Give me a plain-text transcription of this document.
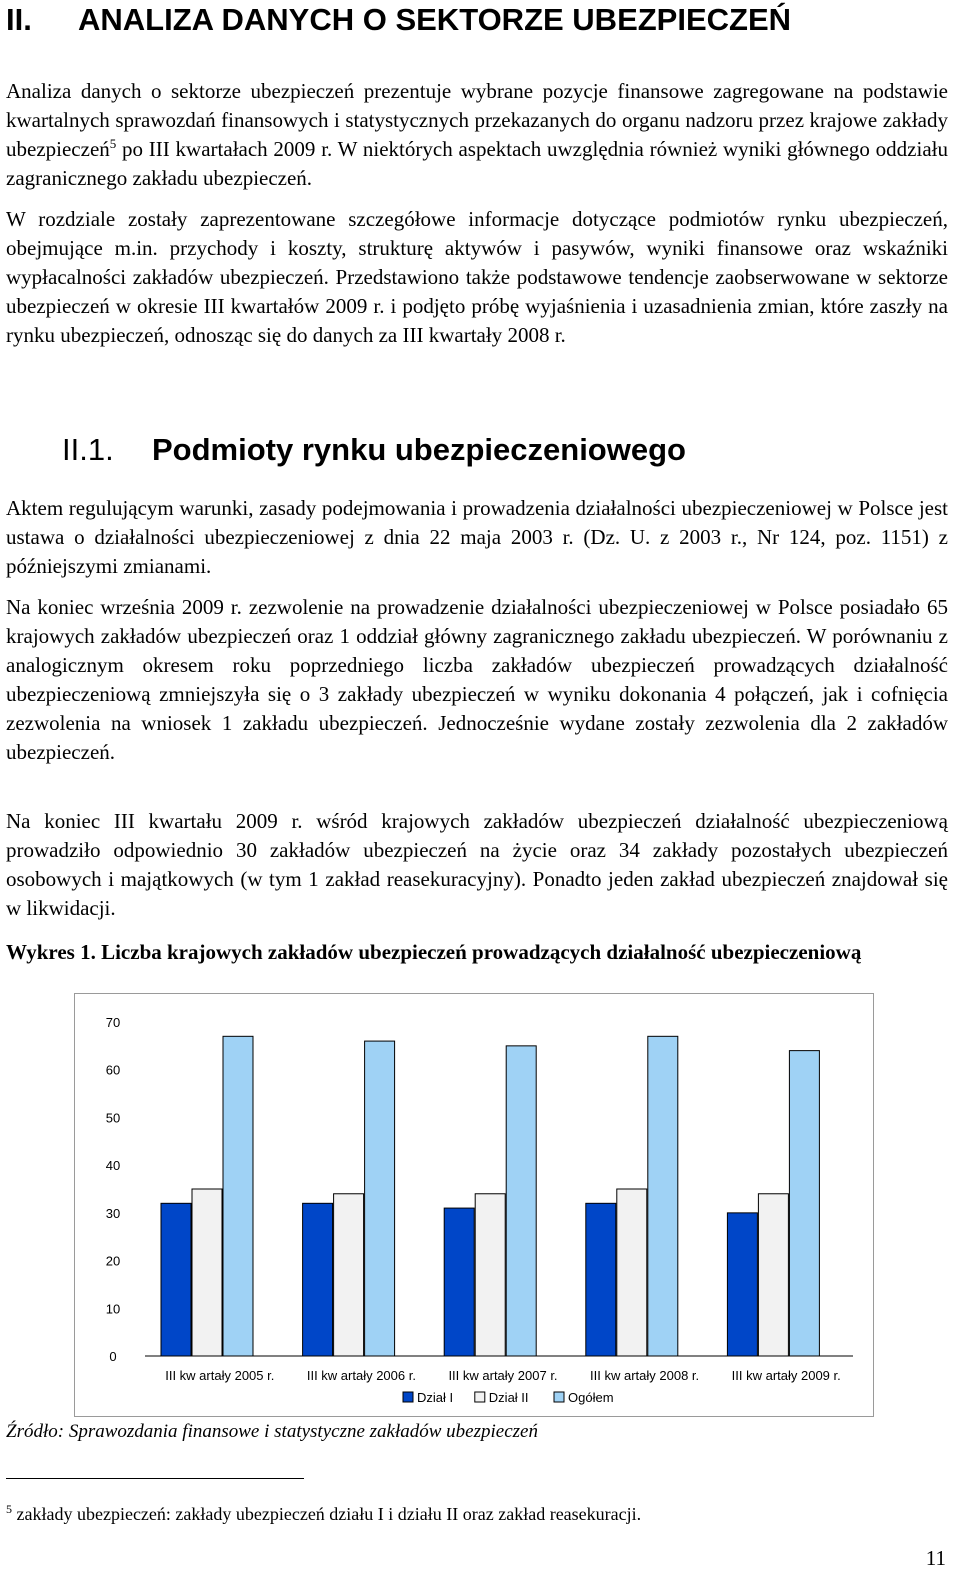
II. ANALIZA DANYCH O SEKTORZE UBEZPIECZEŃ

Analiza danych o sektorze ubezpieczeń prezentuje wybrane pozycje finansowe zagregowane na podstawie kwartalnych sprawozdań finansowych i statystycznych przekazanych do organu nadzoru przez krajowe zakłady ubezpieczeń$^5$ po III kwartałach 2009 r. W niektórych aspektach uwzględnia również wyniki głównego oddziału zagranicznego zakładu ubezpieczeń.

W rozdziale zostały zaprezentowane szczegółowe informacje dotyczące podmiotów rynku ubezpieczeń, obejmujące m.in. przychody i koszty, strukturę aktywów i pasywów, wyniki finansowe oraz wskaźniki wypłacalności zakładów ubezpieczeń. Przedstawiono także podstawowe tendencje zaobserwowane w sektorze ubezpieczeń w okresie III kwartałów 2009 r. i podjęto próbę wyjaśnienia i uzasadnienia zmian, które zaszły na rynku ubezpieczeń, odnosząc się do danych za III kwartały 2008 r.

II.1. Podmioty rynku ubezpieczeniowego

Aktem regulującym warunki, zasady podejmowania i prowadzenia działalności ubezpieczeniowej w Polsce jest ustawa o działalności ubezpieczeniowej z dnia 22 maja 2003 r. (Dz. U. z 2003 r., Nr 124, poz. 1151) z późniejszymi zmianami.

Na koniec września 2009 r. zezwolenie na prowadzenie działalności ubezpieczeniowej w Polsce posiadało 65 krajowych zakładów ubezpieczeń oraz 1 oddział główny zagranicznego zakładu ubezpieczeń. W porównaniu z analogicznym okresem roku poprzedniego liczba zakładów ubezpieczeń prowadzących działalność ubezpieczeniową zmniejszyła się o 3 zakłady ubezpieczeń w wyniku dokonania 4 połączeń, jak i cofnięcia zezwolenia na wniosek 1 zakładu ubezpieczeń. Jednocześnie wydane zostały zezwolenia dla 2 zakładów ubezpieczeń.

Na koniec III kwartału 2009 r. wśród krajowych zakładów ubezpieczeń działalność ubezpieczeniową prowadziło odpowiednio 30 zakładów ubezpieczeń na życie oraz 34 zakłady pozostałych ubezpieczeń osobowych i majątkowych (w tym 1 zakład reasekuracyjny). Ponadto jeden zakład ubezpieczeń znajdował się w likwidacji.

Wykres 1. Liczba krajowych zakładów ubezpieczeń prowadzących działalność ubezpieczeniową

0
10
20
30
40
50
60
70
III kw artały 2005 r. III kw artały 2006 r. III kw artały 2007 r. III kw artały 2008 r. III kw artały 2009 r.
Dział I	Dział II	Ogółem
Źródło: Sprawozdania finansowe i statystyczne zakładów ubezpieczeń
$^5$ zakłady ubezpieczeń: zakłady ubezpieczeń działu I i działu II oraz zakład reasekuracji.
11
